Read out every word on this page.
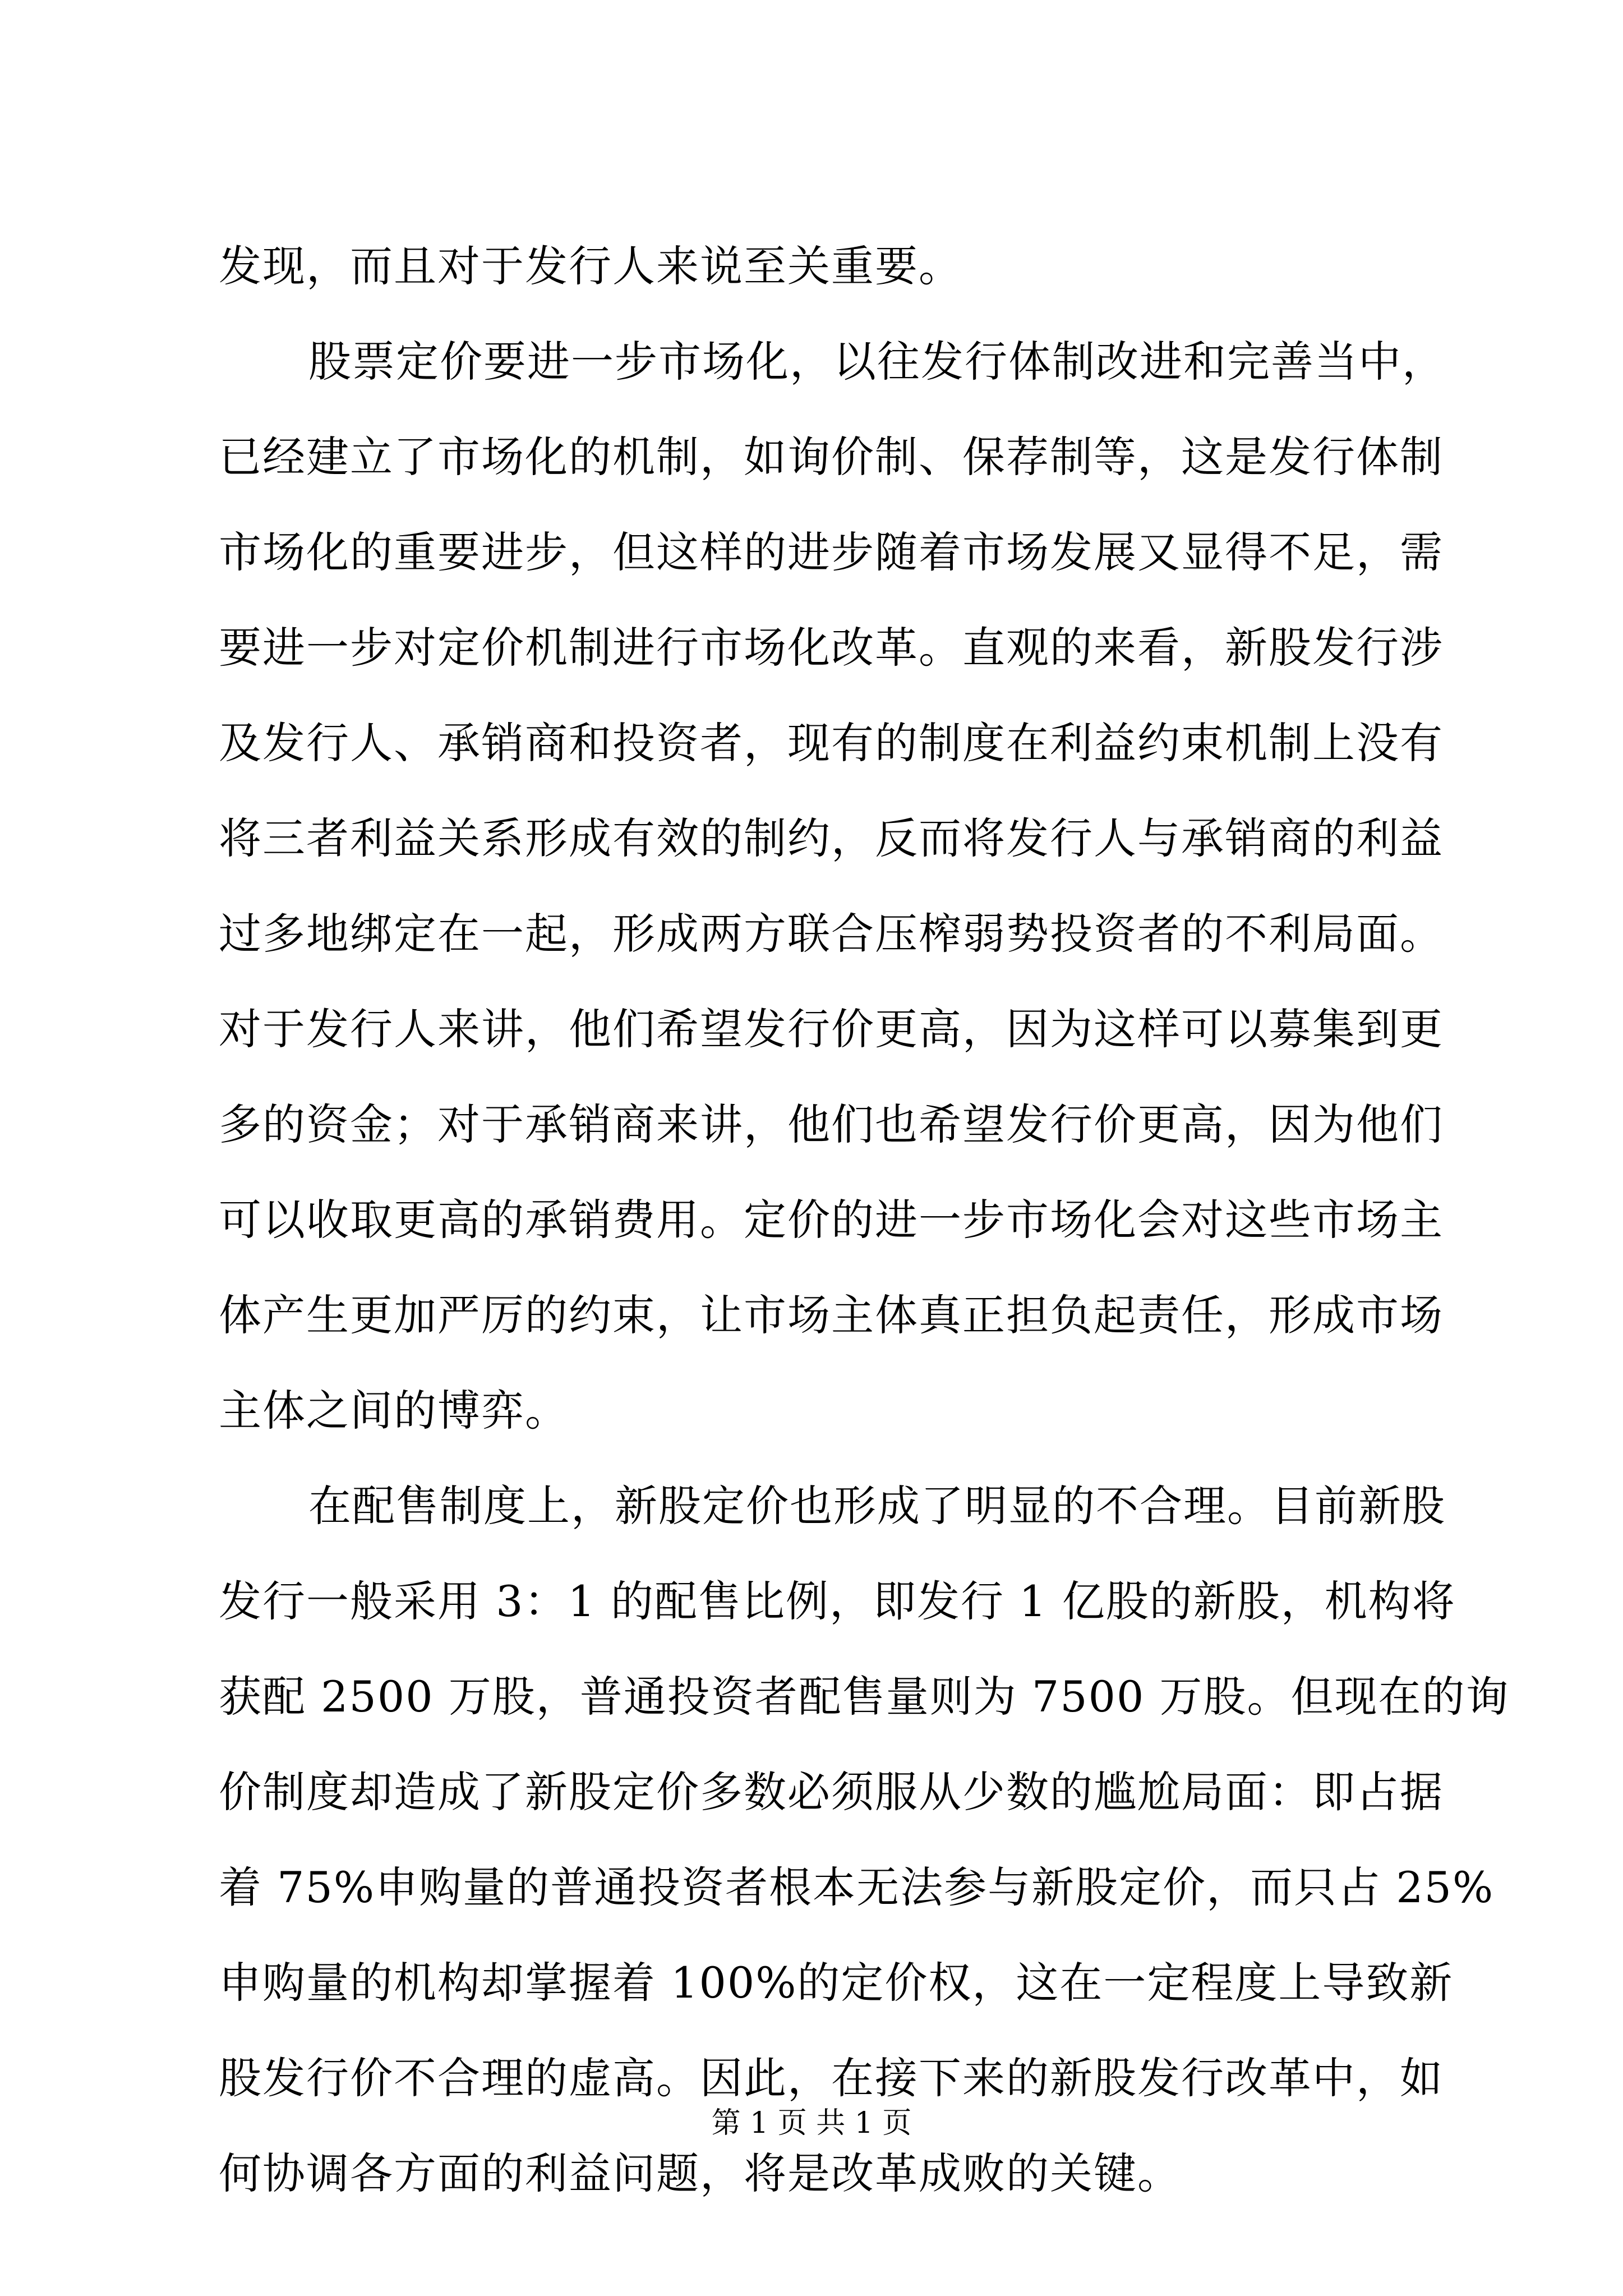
发现，而且对于发行人来说至关重要。
股票定价要进一步市场化，以往发行体制改进和完善当中，
已经建立了市场化的机制，如询价制、保荐制等，这是发行体制
市场化的重要进步，但这样的进步随着市场发展又显得不足，需
要进一步对定价机制进行市场化改革。直观的来看，新股发行涉
及发行人、承销商和投资者，现有的制度在利益约束机制上没有
将三者利益关系形成有效的制约，反而将发行人与承销商的利益
过多地绑定在一起，形成两方联合压榨弱势投资者的不利局面。
对于发行人来讲，他们希望发行价更高，因为这样可以募集到更
多的资金；对于承销商来讲，他们也希望发行价更高，因为他们
可以收取更高的承销费用。定价的进一步市场化会对这些市场主
体产生更加严厉的约束，让市场主体真正担负起责任，形成市场
主体之间的博弈。
在配售制度上，新股定价也形成了明显的不合理。目前新股
发行一般采用 3：1 的配售比例，即发行 1 亿股的新股，机构将
获配 2500 万股，普通投资者配售量则为 7500 万股。但现在的询
价制度却造成了新股定价多数必须服从少数的尴尬局面：即占据
着 75%申购量的普通投资者根本无法参与新股定价，而只占 25%
申购量的机构却掌握着 100%的定价权，这在一定程度上导致新
股发行价不合理的虚高。因此，在接下来的新股发行改革中，如
何协调各方面的利益问题，将是改革成败的关键。
第 1 页 共 1 页
